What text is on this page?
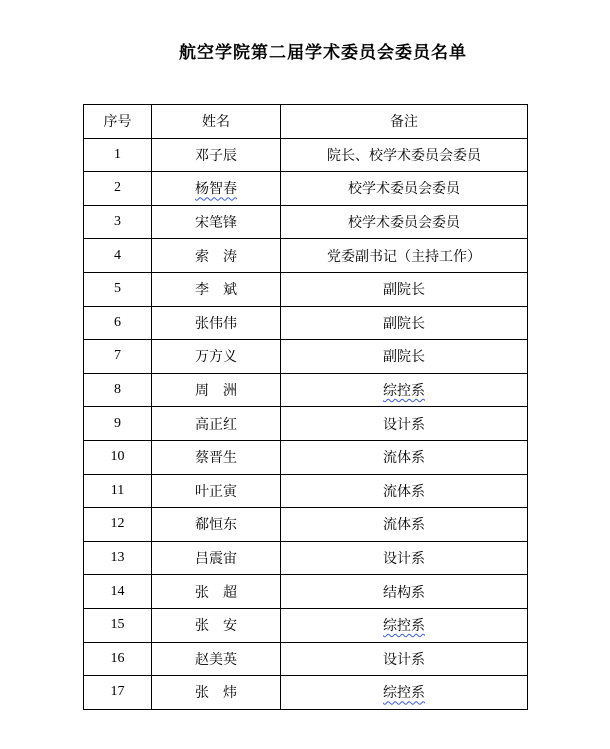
航空学院第二届学术委员会委员名单
序号	姓名	备注
1	邓子辰	院长、校学术委员会委员
2	杨智春	校学术委员会委员
3	宋笔锋	校学术委员会委员
4	索　涛	党委副书记（主持工作）
5	李　斌	副院长
6	张伟伟	副院长
7	万方义	副院长
8	周　洲	综控系
9	高正红	设计系
10	蔡晋生	流体系
11	叶正寅	流体系
12	郗恒东	流体系
13	吕震宙	设计系
14	张　超	结构系
15	张　安	综控系
16	赵美英	设计系
17	张　炜	综控系
